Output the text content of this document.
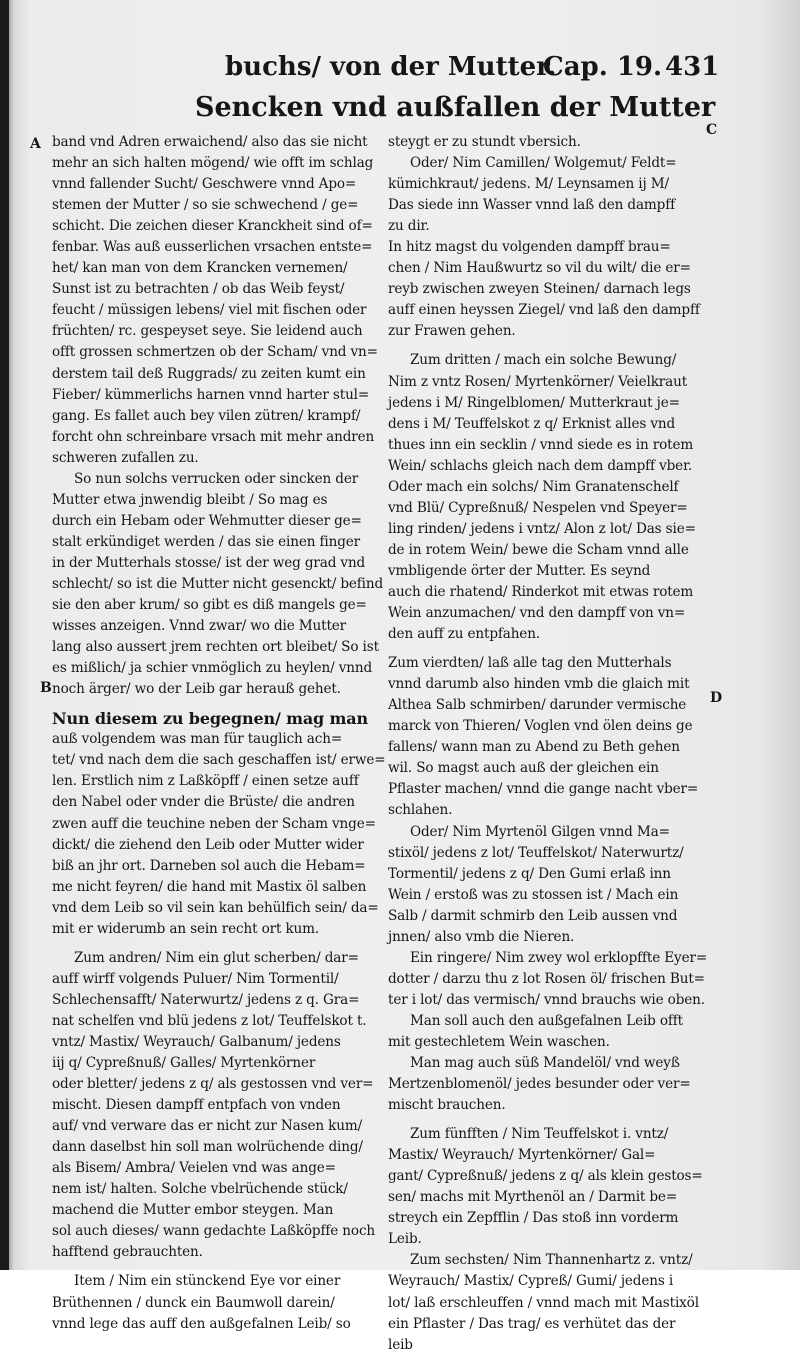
buchs/ von der Mutter.
Cap. 19. 431
Sencken vnd außfallen der Mutter
A
B
C
D
band vnd Adren erwaichend/ also das sie nicht
mehr an sich halten mögend/ wie offt im schlag
vnnd fallender Sucht/ Geschwere vnnd Apo=
stemen der Mutter / so sie schwechend / ge=
schicht. Die zeichen dieser Kranckheit sind of=
fenbar. Was auß eusserlichen vrsachen entste=
het/ kan man von dem Krancken vernemen/
Sunst ist zu betrachten / ob das Weib feyst/
feucht / müssigen lebens/ viel mit fischen oder
früchten/ rc. gespeyset seye. Sie leidend auch
offt grossen schmertzen ob der Scham/ vnd vn=
derstem tail deß Ruggrads/ zu zeiten kumt ein
Fieber/ kümmerlichs harnen vnnd harter stul=
gang. Es fallet auch bey vilen zütren/ krampf/
forcht ohn schreinbare vrsach mit mehr andren
schweren zufallen zu.
So nun solchs verrucken oder sincken der
Mutter etwa jnwendig bleibt / So mag es
durch ein Hebam oder Wehmutter dieser ge=
stalt erkündiget werden / das sie einen finger
in der Mutterhals stosse/ ist der weg grad vnd
schlecht/ so ist die Mutter nicht gesenckt/ befind
sie den aber krum/ so gibt es diß mangels ge=
wisses anzeigen. Vnnd zwar/ wo die Mutter
lang also aussert jrem rechten ort bleibet/ So ist
es mißlich/ ja schier vnmöglich zu heylen/ vnnd
noch ärger/ wo der Leib gar herauß gehet.
Nun diesem zu begegnen/ mag man
auß volgendem was man für tauglich ach=
tet/ vnd nach dem die sach geschaffen ist/ erwe=
len. Erstlich nim z Laßköpff / einen setze auff
den Nabel oder vnder die Brüste/ die andren
zwen auff die teuchine neben der Scham vnge=
dickt/ die ziehend den Leib oder Mutter wider
biß an jhr ort. Darneben sol auch die Hebam=
me nicht feyren/ die hand mit Mastix öl salben
vnd dem Leib so vil sein kan behülfich sein/ da=
mit er widerumb an sein recht ort kum.
Zum andren/ Nim ein glut scherben/ dar=
auff wirff volgends Puluer/ Nim Tormentil/
Schlechensafft/ Naterwurtz/ jedens z q. Gra=
nat schelfen vnd blü jedens z lot/ Teuffelskot t.
vntz/ Mastix/ Weyrauch/ Galbanum/ jedens
iij q/ Cypreßnuß/ Galles/ Myrtenkörner
oder bletter/ jedens z q/ als gestossen vnd ver=
mischt. Diesen dampff entpfach von vnden
auf/ vnd verware das er nicht zur Nasen kum/
dann daselbst hin soll man wolrüchende ding/
als Bisem/ Ambra/ Veielen vnd was ange=
nem ist/ halten. Solche vbelrüchende stück/
machend die Mutter embor steygen. Man
sol auch dieses/ wann gedachte Laßköpffe noch
hafftend gebrauchten.
Item / Nim ein stünckend Eye vor einer
Brüthennen / dunck ein Baumwoll darein/
vnnd lege das auff den außgefalnen Leib/ so
steygt er zu stundt vbersich.
Oder/ Nim Camillen/ Wolgemut/ Feldt=
kümichkraut/ jedens. M/ Leynsamen ij M/
Das siede inn Wasser vnnd laß den dampff
zu dir.
In hitz magst du volgenden dampff brau=
chen / Nim Haußwurtz so vil du wilt/ die er=
reyb zwischen zweyen Steinen/ darnach legs
auff einen heyssen Ziegel/ vnd laß den dampff
zur Frawen gehen.
Zum dritten / mach ein solche Bewung/
Nim z vntz Rosen/ Myrtenkörner/ Veielkraut
jedens i M/ Ringelblomen/ Mutterkraut je=
dens i M/ Teuffelskot z q/ Erknist alles vnd
thues inn ein secklin / vnnd siede es in rotem
Wein/ schlachs gleich nach dem dampff vber.
Oder mach ein solchs/ Nim Granatenschelf
vnd Blü/ Cypreßnuß/ Nespelen vnd Speyer=
ling rinden/ jedens i vntz/ Alon z lot/ Das sie=
de in rotem Wein/ bewe die Scham vnnd alle
vmbligende örter der Mutter. Es seynd
auch die rhatend/ Rinderkot mit etwas rotem
Wein anzumachen/ vnd den dampff von vn=
den auff zu entpfahen.
Zum vierdten/ laß alle tag den Mutterhals
vnnd darumb also hinden vmb die glaich mit
Althea Salb schmirben/ darunder vermische
marck von Thieren/ Voglen vnd ölen deins ge
fallens/ wann man zu Abend zu Beth gehen
wil. So magst auch auß der gleichen ein
Pflaster machen/ vnnd die gange nacht vber=
schlahen.
Oder/ Nim Myrtenöl Gilgen vnnd Ma=
stixöl/ jedens z lot/ Teuffelskot/ Naterwurtz/
Tormentil/ jedens z q/ Den Gumi erlaß inn
Wein / erstoß was zu stossen ist / Mach ein
Salb / darmit schmirb den Leib aussen vnd
jnnen/ also vmb die Nieren.
Ein ringere/ Nim zwey wol erklopffte Eyer=
dotter / darzu thu z lot Rosen öl/ frischen But=
ter i lot/ das vermisch/ vnnd brauchs wie oben.
Man soll auch den außgefalnen Leib offt
mit gestechletem Wein waschen.
Man mag auch süß Mandelöl/ vnd weyß
Mertzenblomenöl/ jedes besunder oder ver=
mischt brauchen.
Zum fünfften / Nim Teuffelskot i. vntz/
Mastix/ Weyrauch/ Myrtenkörner/ Gal=
gant/ Cypreßnuß/ jedens z q/ als klein gestos=
sen/ machs mit Myrthenöl an / Darmit be=
streych ein Zepfflin / Das stoß inn vorderm
Leib.
Zum sechsten/ Nim Thannenhartz z. vntz/
Weyrauch/ Mastix/ Cypreß/ Gumi/ jedens i
lot/ laß erschleuffen / vnnd mach mit Mastixöl
ein Pflaster / Das trag/ es verhütet das der
leib
